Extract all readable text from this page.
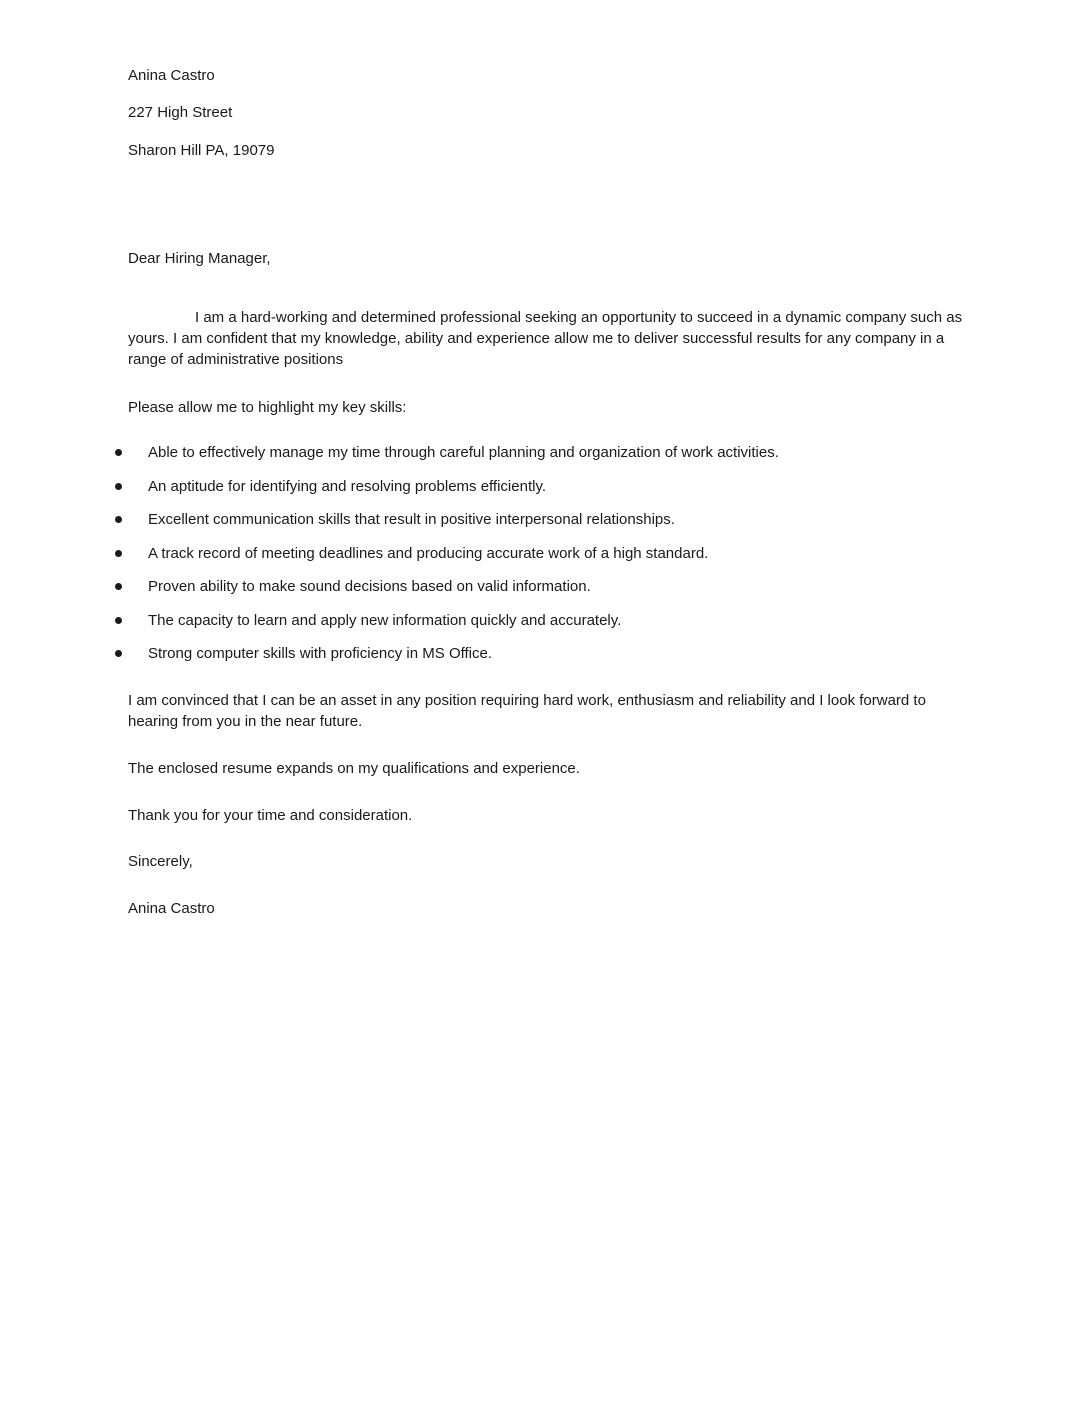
Anina Castro

227 High Street

Sharon Hill PA, 19079

Dear Hiring Manager,

I am a hard-working and determined professional seeking an opportunity to succeed in a dynamic company such as yours. I am confident that my knowledge, ability and experience allow me to deliver successful results for any company in a range of administrative positions

Please allow me to highlight my key skills:

Able to effectively manage my time through careful planning and organization of work activities.
An aptitude for identifying and resolving problems efficiently.
Excellent communication skills that result in positive interpersonal relationships.
A track record of meeting deadlines and producing accurate work of a high standard.
Proven ability to make sound decisions based on valid information.
The capacity to learn and apply new information quickly and accurately.
Strong computer skills with proficiency in MS Office.

I am convinced that I can be an asset in any position requiring hard work, enthusiasm and reliability and I look forward to hearing from you in the near future.

The enclosed resume expands on my qualifications and experience.

Thank you for your time and consideration.

Sincerely,

Anina Castro
